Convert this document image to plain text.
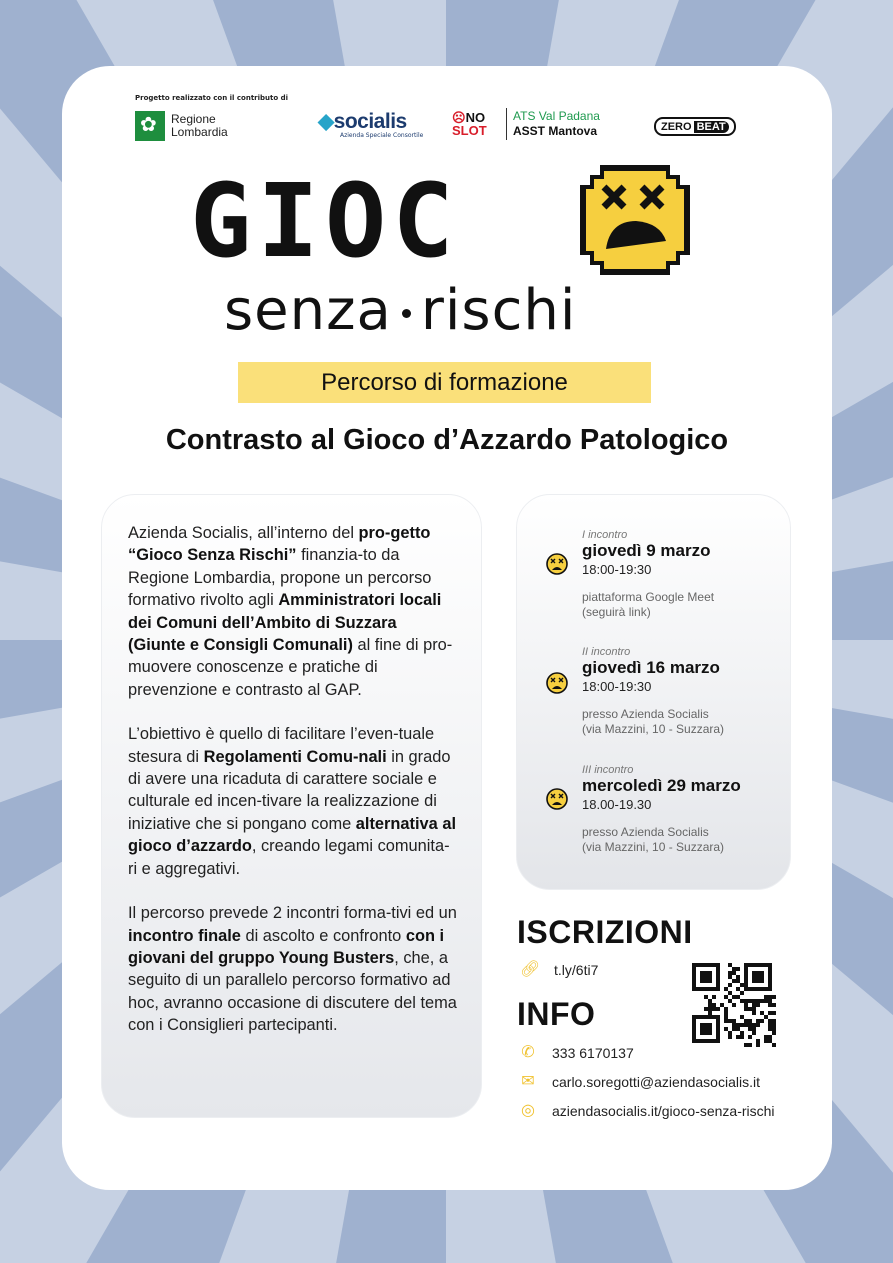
Progetto realizzato con il contributo di
✿
Regione
Lombardia	◆socialis
Azienda Speciale Consortile
☹NO
SLOT
ATS Val Padana
ASST Mantova	ZERO BEAT
GIOC
senza rischi
Percorso di formazione
Contrasto al Gioco d’Azzardo Patologico

Azienda Socialis, all’interno del pro-getto “Gioco Senza Rischi” finanzia-to da Regione Lombardia, propone un percorso formativo rivolto agli Amministratori locali dei Comuni dell’Ambito di Suzzara (Giunte e Consigli Comunali) al fine di pro-muovere conoscenze e pratiche di prevenzione e contrasto al GAP.

L’obiettivo è quello di facilitare l’even-tuale stesura di Regolamenti Comu-nali in grado di avere una ricaduta di carattere sociale e culturale ed incen-tivare la realizzazione di iniziative che si pongano come alternativa al gioco d’azzardo, creando legami comunita-ri e aggregativi.

Il percorso prevede 2 incontri forma-tivi ed un incontro finale di ascolto e confronto con i giovani del gruppo Young Busters, che, a seguito di un parallelo percorso formativo ad hoc, avranno occasione di discutere del tema con i Consiglieri partecipanti.

I incontro
giovedì 9 marzo
18:00-19:30
piattaforma Google Meet
(seguirà link)
II incontro
giovedì 16 marzo
18:00-19:30
presso Azienda Socialis
(via Mazzini, 10 - Suzzara)
III incontro
mercoledì 29 marzo
18.00-19.30
presso Azienda Socialis
(via Mazzini, 10 - Suzzara)
ISCRIZIONI
🔗︎ t.ly/6ti7
INFO
✆ 333 6170137
✉ carlo.soregotti@aziendasocialis.it
◎ aziendasocialis.it/gioco-senza-rischi
